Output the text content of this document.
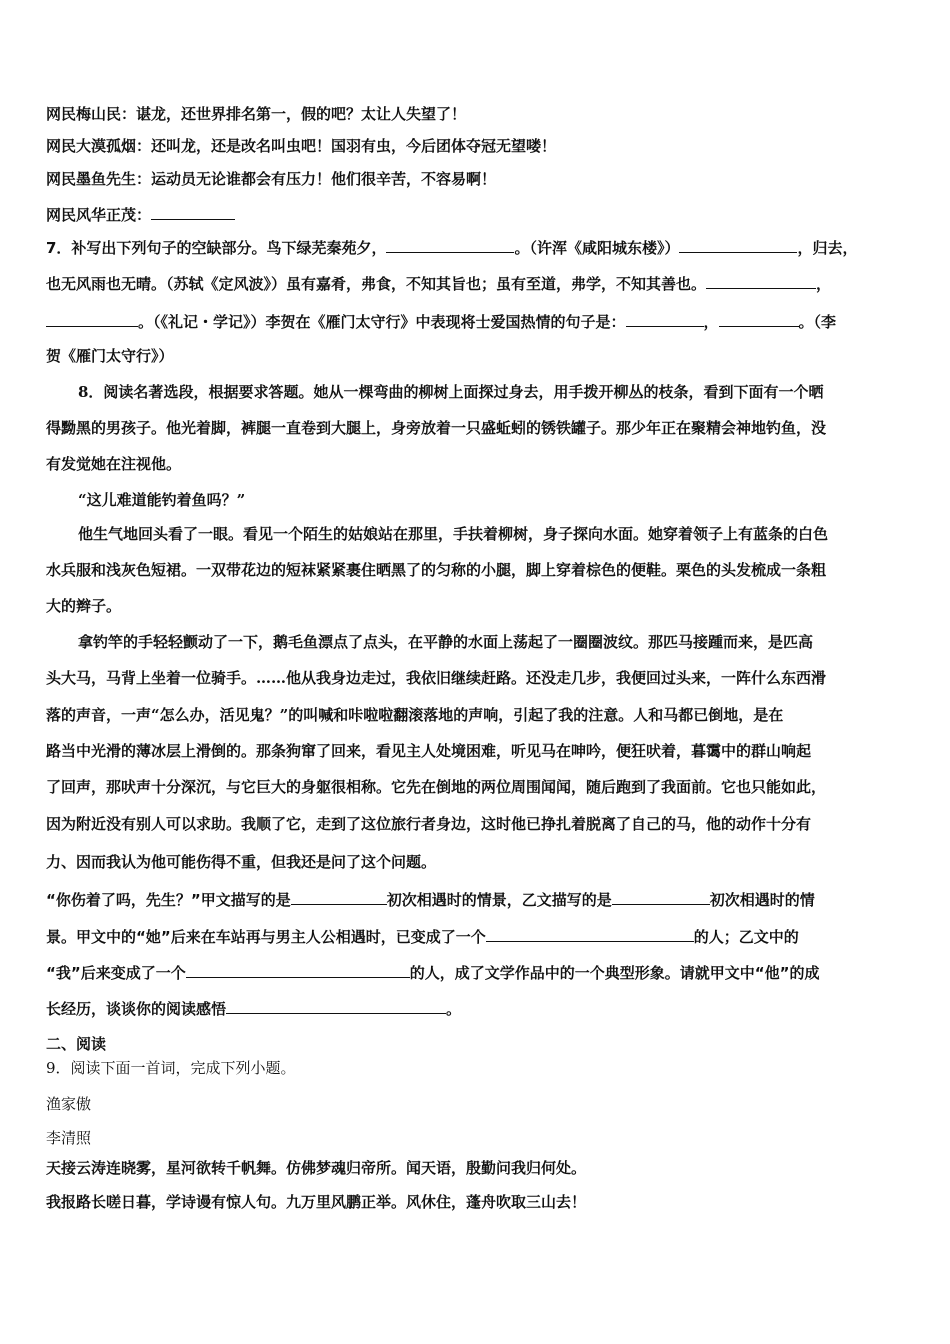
网民梅山民：谌龙，还世界排名第一，假的吧？太让人失望了！
网民大漠孤烟：还叫龙，还是改名叫虫吧！国羽有虫，今后团体夺冠无望喽！
网民墨鱼先生：运动员无论谁都会有压力！他们很辛苦，不容易啊！
网民风华正茂：
7．补写出下列句子的空缺部分。鸟下绿芜秦苑夕，	。（许浑《咸阳城东楼》）	，归去，
也无风雨也无晴。（苏轼《定风波》）虽有嘉肴，弗食，不知其旨也；虽有至道，弗学，不知其善也。	，
。（《礼记・学记》）李贺在《雁门太守行》中表现将士爱国热情的句子是：	，	。（李
贺《雁门太守行》）
8．阅读名著选段，根据要求答题。她从一棵弯曲的柳树上面探过身去，用手拨开柳丛的枝条，看到下面有一个晒
得黝黑的男孩子。他光着脚，裤腿一直卷到大腿上，身旁放着一只盛蚯蚓的锈铁罐子。那少年正在聚精会神地钓鱼，没
有发觉她在注视他。
“这儿难道能钓着鱼吗？”
他生气地回头看了一眼。看见一个陌生的姑娘站在那里，手扶着柳树，身子探向水面。她穿着领子上有蓝条的白色
水兵服和浅灰色短裙。一双带花边的短袜紧紧裹住晒黑了的匀称的小腿，脚上穿着棕色的便鞋。栗色的头发梳成一条粗
大的辫子。
拿钓竿的手轻轻颤动了一下，鹅毛鱼漂点了点头，在平静的水面上荡起了一圈圈波纹。那匹马接踵而来，是匹高
头大马，马背上坐着一位骑手。……他从我身边走过，我依旧继续赶路。还没走几步，我便回过头来，一阵什么东西滑
落的声音，一声“怎么办，活见鬼？”的叫喊和咔啦啦翻滚落地的声响，引起了我的注意。人和马都已倒地，是在
路当中光滑的薄冰层上滑倒的。那条狗窜了回来，看见主人处境困难，听见马在呻吟，便狂吠着，暮霭中的群山响起
了回声，那吠声十分深沉，与它巨大的身躯很相称。它先在倒地的两位周围闻闻，随后跑到了我面前。它也只能如此，
因为附近没有别人可以求助。我顺了它，走到了这位旅行者身边，这时他已挣扎着脱离了自己的马，他的动作十分有
力、因而我认为他可能伤得不重，但我还是问了这个问题。
“你伤着了吗，先生？”甲文描写的是	初次相遇时的情景，乙文描写的是	初次相遇时的情
景。甲文中的“她”后来在车站再与男主人公相遇时，已变成了一个	的人；乙文中的
“我”后来变成了一个	的人，成了文学作品中的一个典型形象。请就甲文中“他”的成
长经历，谈谈你的阅读感悟	。
二、阅读
9．阅读下面一首词，完成下列小题。
渔家傲
李清照
天接云涛连晓雾，星河欲转千帆舞。仿佛梦魂归帝所。闻天语，殷勤问我归何处。
我报路长嗟日暮，学诗谩有惊人句。九万里风鹏正举。风休住，蓬舟吹取三山去！
